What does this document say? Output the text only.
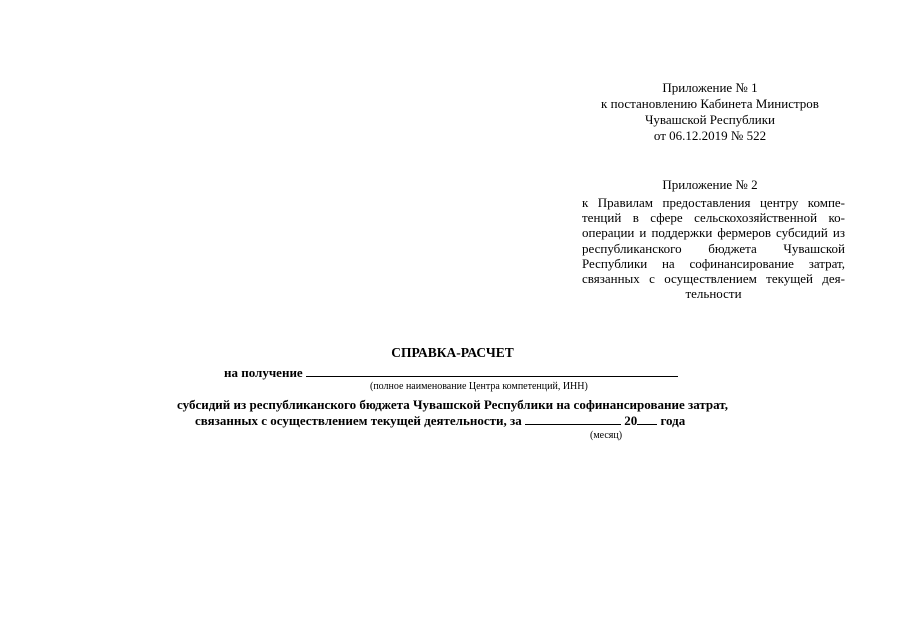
Приложение № 1
к постановлению Кабинета Министров
Чувашской Республики
от 06.12.2019 № 522
Приложение № 2
к Правилам предоставления центру компе-тенций в сфере сельскохозяйственной ко-операции и поддержки фермеров субсидий из республиканского бюджета Чувашской Республики на софинансирование затрат, связанных с осуществлением текущей дея-тельности
СПРАВКА-РАСЧЕТ
на получение
(полное наименование Центра компетенций, ИНН)
субсидий из республиканского бюджета Чувашской Республики на софинансирование затрат,
связанных с осуществлением текущей деятельности, за	20 года
(месяц)
